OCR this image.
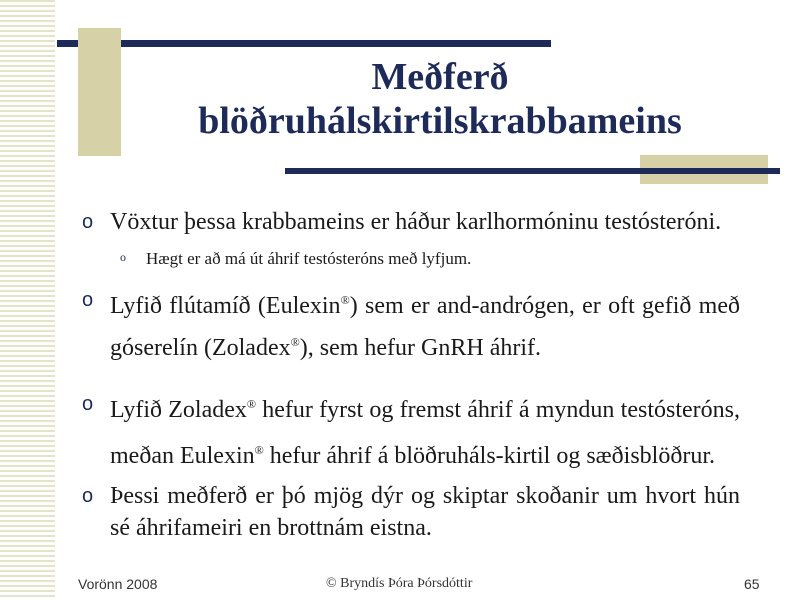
Meðferð
blöðruhálskirtilskrabbameins
o Vöxtur þessa krabbameins er háður karlhormóninu testósteróni.
o Hægt er að má út áhrif testósteróns með lyfjum.
o Lyfið flútamíð (Eulexin®) sem er and-andrógen, er oft gefið með góserelín (Zoladex®), sem hefur GnRH áhrif.
o Lyfið Zoladex® hefur fyrst og fremst áhrif á myndun testósteróns, meðan Eulexin® hefur áhrif á blöðruháls-kirtil og sæðisblöðrur.
o Þessi meðferð er þó mjög dýr og skiptar skoðanir um hvort hún sé áhrifameiri en brottnám eistna.
Vorönn 2008	© Bryndís Þóra Þórsdóttir	65
